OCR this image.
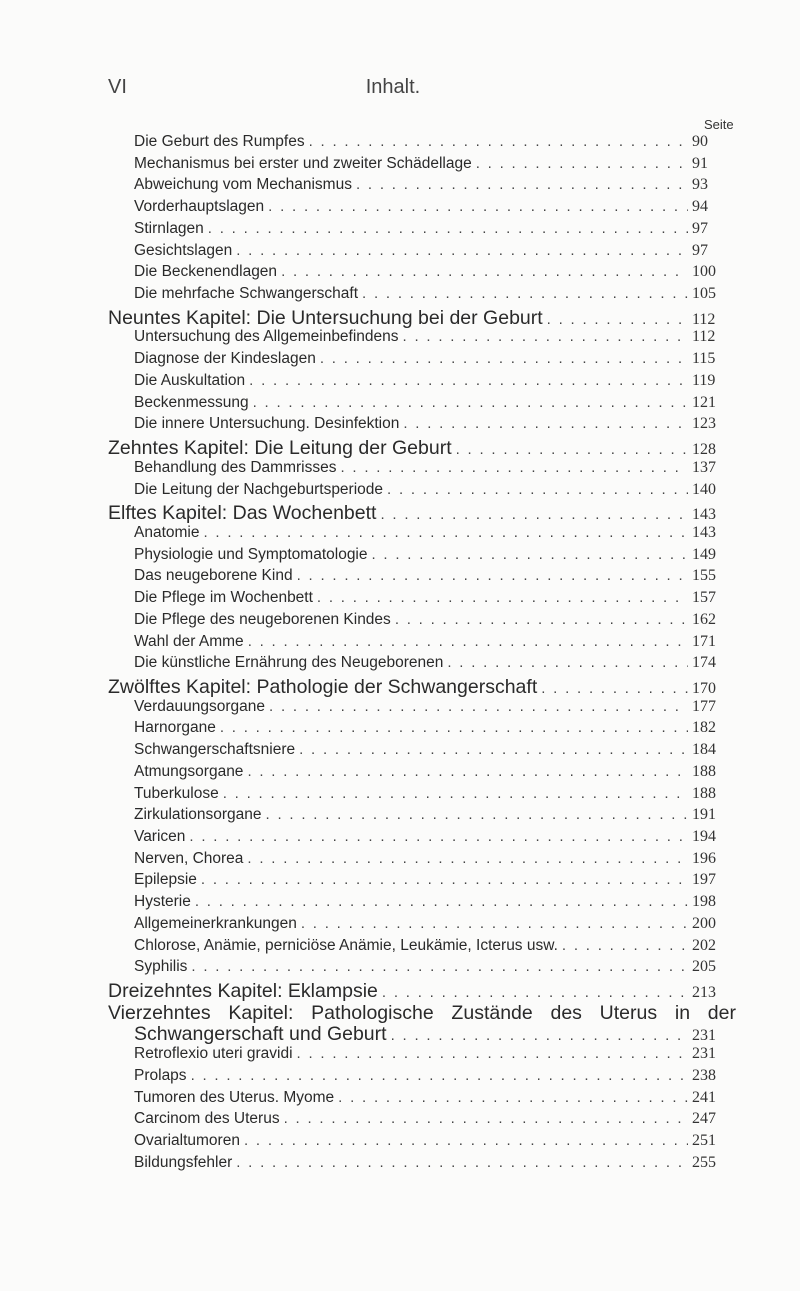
VI	Inhalt.
Seite
Die Geburt des Rumpfes . . .	90
Mechanismus bei erster und zweiter Schädellage . . .	91
Abweichung vom Mechanismus . . .	93
Vorderhauptslagen . . .	94
Stirnlagen . . .	97
Gesichtslagen . . .	97
Die Beckenendlagen . . .	100
Die mehrfache Schwangerschaft . . .	105
Neuntes Kapitel: Die Untersuchung bei der Geburt . . .	112
Untersuchung des Allgemeinbefindens . . .	112
Diagnose der Kindeslagen . . .	115
Die Auskultation . . .	119
Beckenmessung . . .	121
Die innere Untersuchung. Desinfektion . . .	123
Zehntes Kapitel: Die Leitung der Geburt . . .	128
Behandlung des Dammrisses . . .	137
Die Leitung der Nachgeburtsperiode . . .	140
Elftes Kapitel: Das Wochenbett . . .	143
Anatomie . . .	143
Physiologie und Symptomatologie . . .	149
Das neugeborene Kind . . .	155
Die Pflege im Wochenbett . . .	157
Die Pflege des neugeborenen Kindes . . .	162
Wahl der Amme . . .	171
Die künstliche Ernährung des Neugeborenen . . .	174
Zwölftes Kapitel: Pathologie der Schwangerschaft . . .	170
Verdauungsorgane . . .	177
Harnorgane . . .	182
Schwangerschaftsniere . . .	184
Atmungsorgane . . .	188
Tuberkulose . . .	188
Zirkulationsorgane . . .	191
Varicen . . .	194
Nerven, Chorea . . .	196
Epilepsie . . .	197
Hysterie . . .	198
Allgemeinerkrankungen . . .	200
Chlorose, Anämie, perniciöse Anämie, Leukämie, Icterus usw. . . .	202
Syphilis . . .	205
Dreizehntes Kapitel: Eklampsie . . .	213
Vierzehntes Kapitel: Pathologische Zustände des Uterus in der
Schwangerschaft und Geburt . . .	231
Retroflexio uteri gravidi . . .	231
Prolaps . . .	238
Tumoren des Uterus. Myome . . .	241
Carcinom des Uterus . . .	247
Ovarialtumoren . . .	251
Bildungsfehler . . .	255
